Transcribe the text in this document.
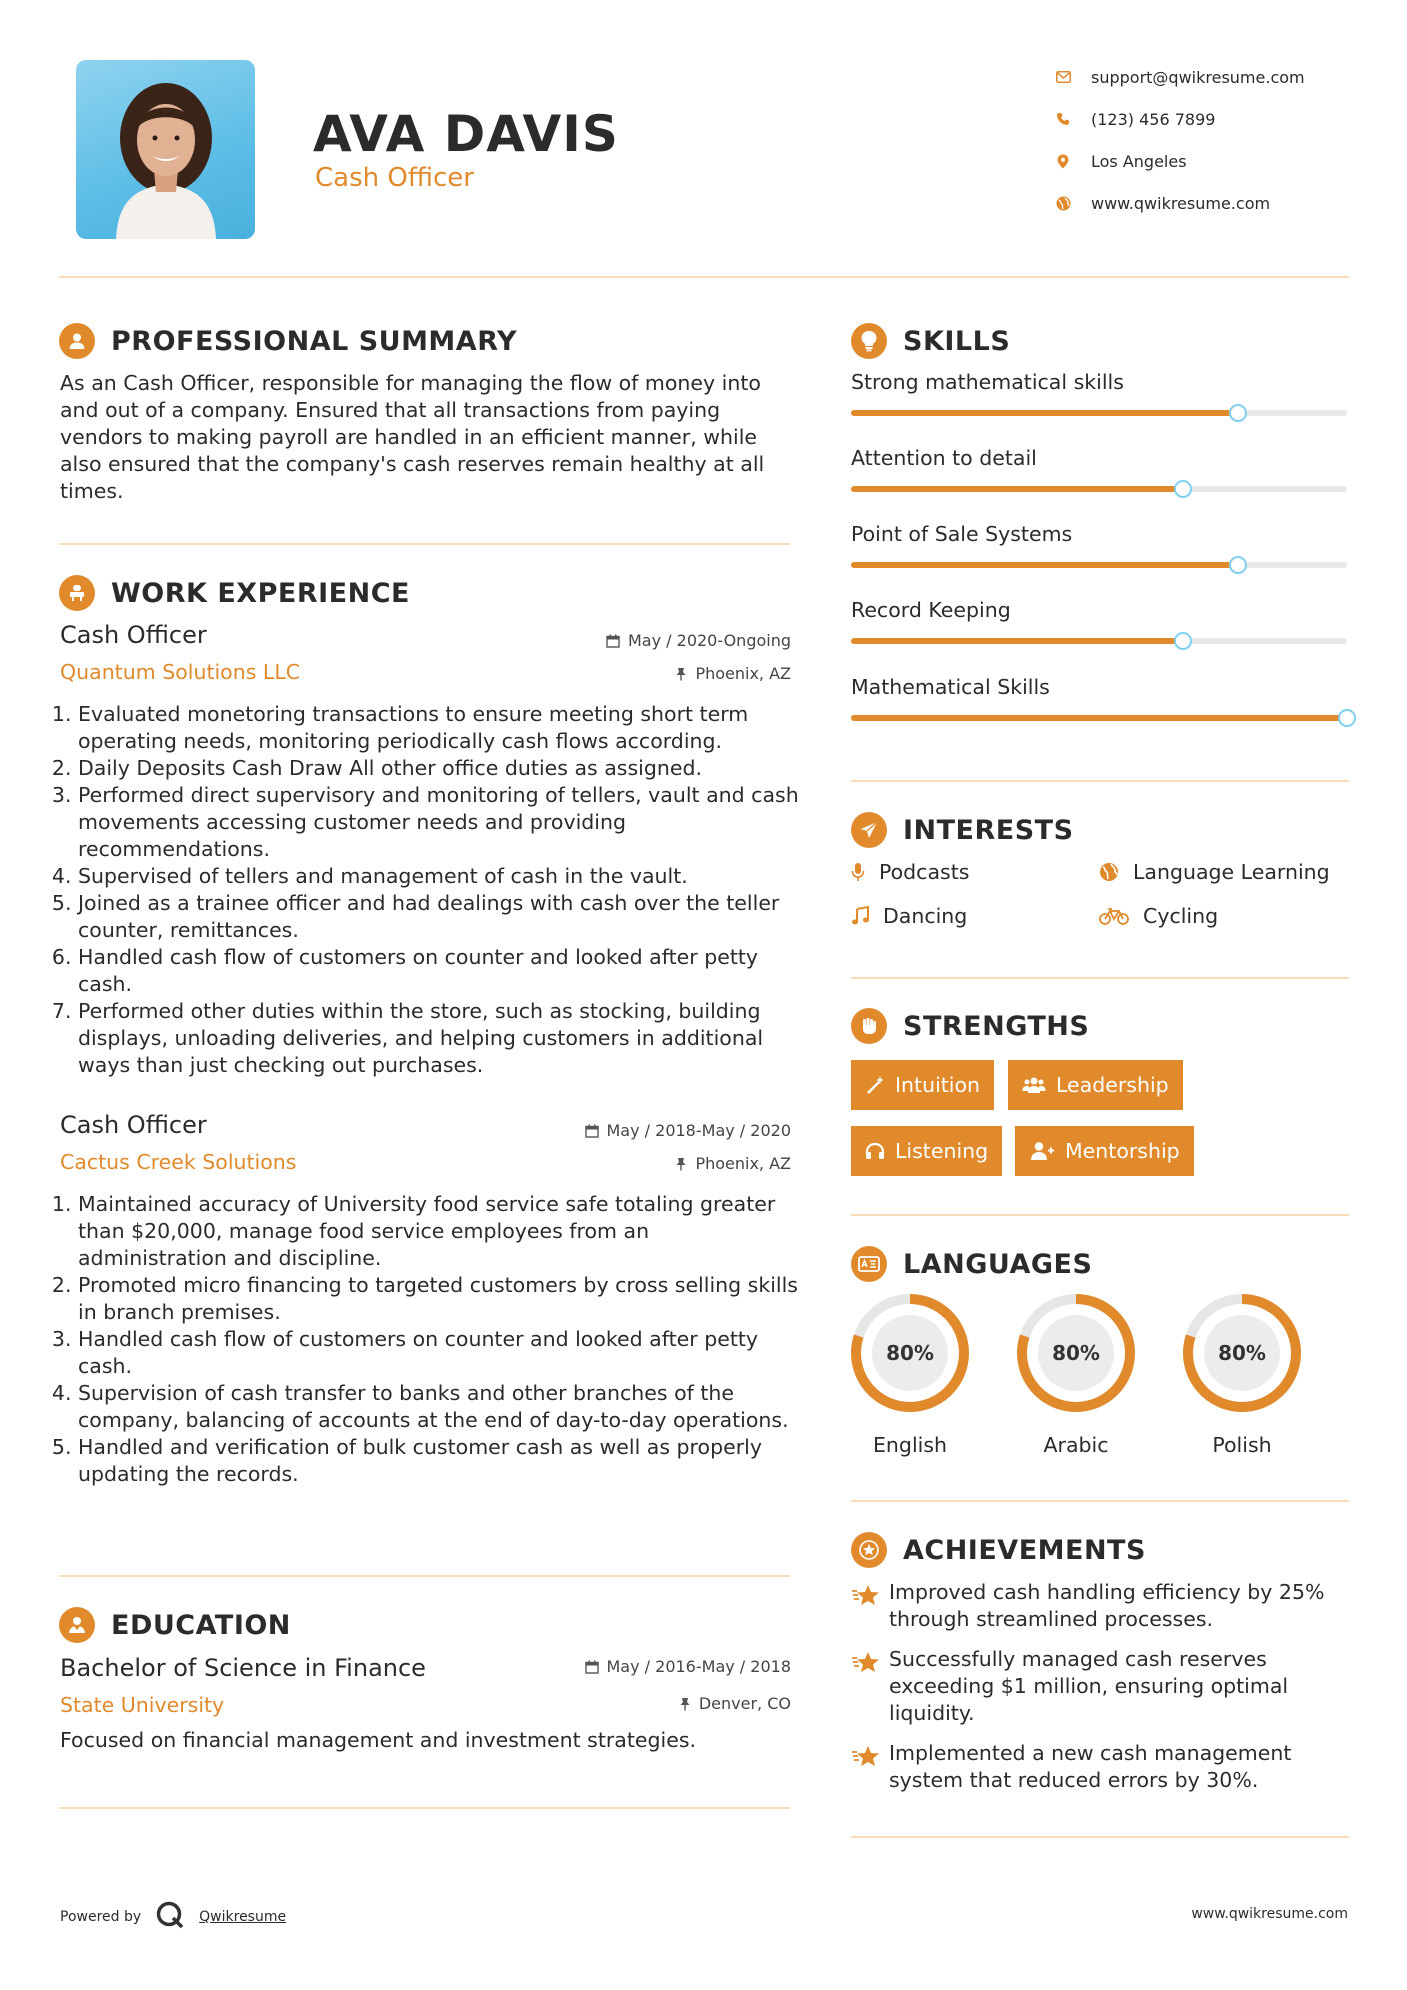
AVA DAVIS
Cash Officer
support@qwikresume.com
(123) 456 7899
Los Angeles
www.qwikresume.com
PROFESSIONAL SUMMARY
As an Cash Officer, responsible for managing the flow of money into and out of a company. Ensured that all transactions from paying vendors to making payroll are handled in an efficient manner, while also ensured that the company's cash reserves remain healthy at all times.
WORK EXPERIENCE
Cash Officer
Quantum Solutions LLC
May / 2020-Ongoing
Phoenix, AZ
1. Evaluated monetoring transactions to ensure meeting short term operating needs, monitoring periodically cash flows according.
2. Daily Deposits Cash Draw All other office duties as assigned.
3. Performed direct supervisory and monitoring of tellers, vault and cash movements accessing customer needs and providing recommendations.
4. Supervised of tellers and management of cash in the vault.
5. Joined as a trainee officer and had dealings with cash over the teller counter, remittances.
6. Handled cash flow of customers on counter and looked after petty cash.
7. Performed other duties within the store, such as stocking, building displays, unloading deliveries, and helping customers in additional ways than just checking out purchases.
Cash Officer
Cactus Creek Solutions
May / 2018-May / 2020
Phoenix, AZ
1. Maintained accuracy of University food service safe totaling greater than $20,000, manage food service employees from an administration and discipline.
2. Promoted micro financing to targeted customers by cross selling skills in branch premises.
3. Handled cash flow of customers on counter and looked after petty cash.
4. Supervision of cash transfer to banks and other branches of the company, balancing of accounts at the end of day-to-day operations.
5. Handled and verification of bulk customer cash as well as properly updating the records.
EDUCATION
Bachelor of Science in Finance
State University
May / 2016-May / 2018
Denver, CO
Focused on financial management and investment strategies.
SKILLS
Strong mathematical skills
Attention to detail
Point of Sale Systems
Record Keeping
Mathematical Skills
INTERESTS
Podcasts	Language Learning
Dancing	Cycling
STRENGTHS
Intuition	Leadership
Listening	Mentorship
LANGUAGES
80%
English
80%
Arabic
80%
Polish
ACHIEVEMENTS
Improved cash handling efficiency by 25% through streamlined processes.
Successfully managed cash reserves exceeding $1 million, ensuring optimal liquidity.
Implemented a new cash management system that reduced errors by 30%.
Powered by	Qwikresume	www.qwikresume.com
